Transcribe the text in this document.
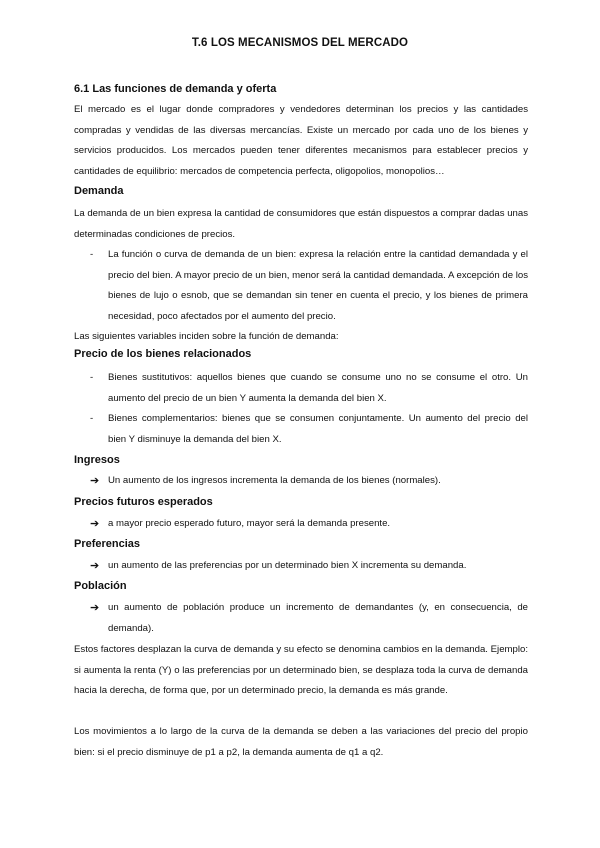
T.6 LOS MECANISMOS DEL MERCADO
6.1 Las funciones de demanda y oferta
El mercado es el lugar donde compradores y vendedores determinan los precios y las cantidades compradas y vendidas de las diversas mercancías. Existe un mercado por cada uno de los bienes y servicios producidos. Los mercados pueden tener diferentes mecanismos para establecer precios y cantidades de equilibrio: mercados de competencia perfecta, oligopolios, monopolios…
Demanda
La demanda de un bien expresa la cantidad de consumidores que están dispuestos a comprar dadas unas determinadas condiciones de precios.
- La función o curva de demanda de un bien: expresa la relación entre la cantidad demandada y el precio del bien. A mayor precio de un bien, menor será la cantidad demandada. A excepción de los bienes de lujo o esnob, que se demandan sin tener en cuenta el precio, y los bienes de primera necesidad, poco afectados por el aumento del precio.
Las siguientes variables inciden sobre la función de demanda:
Precio de los bienes relacionados
- Bienes sustitutivos: aquellos bienes que cuando se consume uno no se consume el otro. Un aumento del precio de un bien Y aumenta la demanda del bien X.
- Bienes complementarios: bienes que se consumen conjuntamente. Un aumento del precio del bien Y disminuye la demanda del bien X.
Ingresos
➔ Un aumento de los ingresos incrementa la demanda de los bienes (normales).
Precios futuros esperados
➔ a mayor precio esperado futuro, mayor será la demanda presente.
Preferencias
➔ un aumento de las preferencias por un determinado bien X incrementa su demanda.
Población
➔ un aumento de población produce un incremento de demandantes (y, en consecuencia, de demanda).
Estos factores desplazan la curva de demanda y su efecto se denomina cambios en la demanda. Ejemplo: si aumenta la renta (Y) o las preferencias por un determinado bien, se desplaza toda la curva de demanda hacia la derecha, de forma que, por un determinado precio, la demanda es más grande.
Los movimientos a lo largo de la curva de la demanda se deben a las variaciones del precio del propio bien: si el precio disminuye de p1 a p2, la demanda aumenta de q1 a q2.
